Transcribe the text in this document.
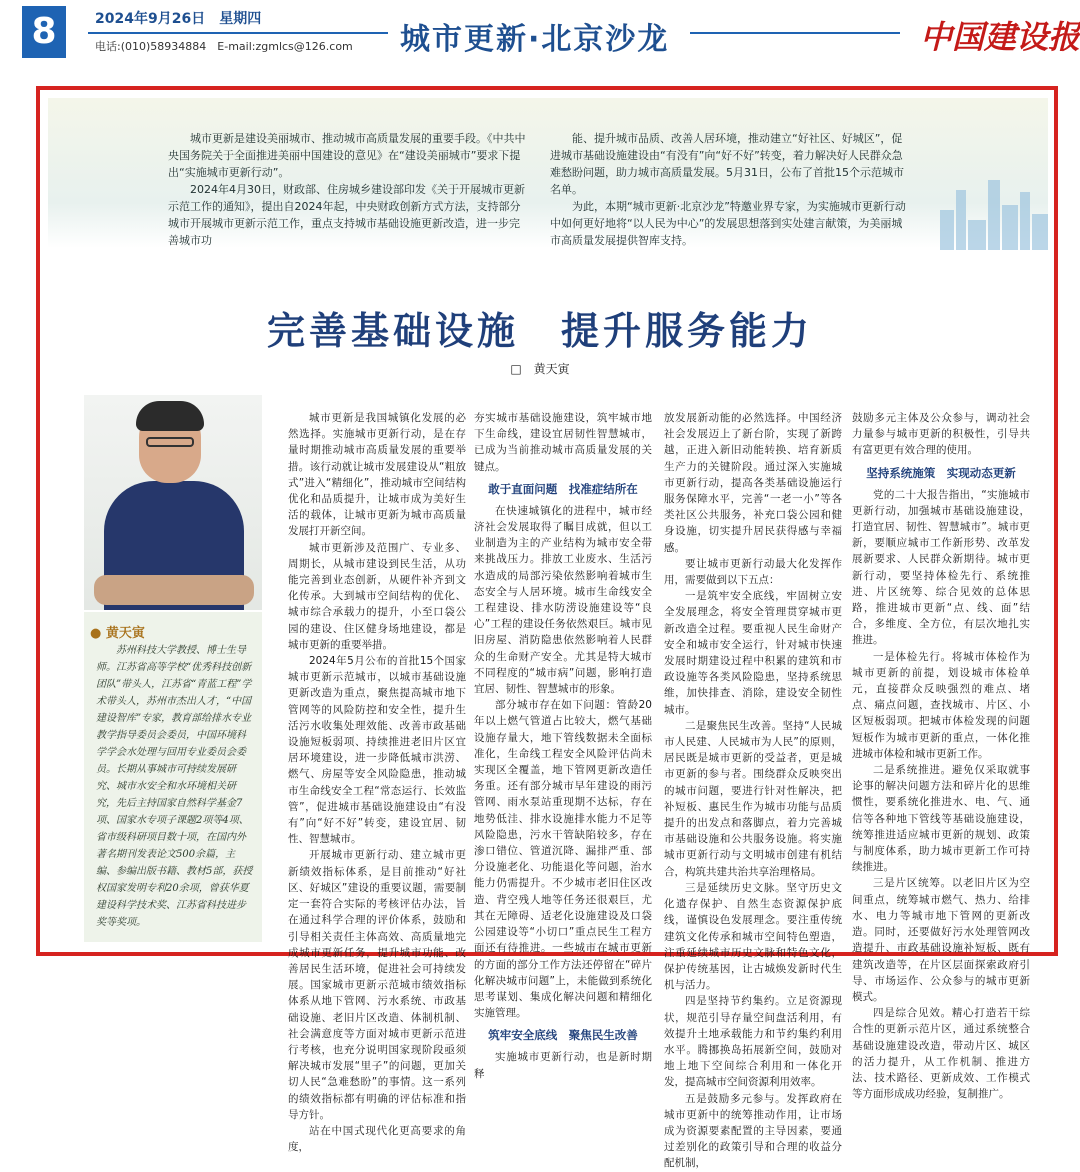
8	2024年9月26日　星期四
电话:(010)58934884　E-mail:zgmlcs@126.com 城市更新·北京沙龙	中国建设报

城市更新是建设美丽城市、推动城市高质量发展的重要手段。《中共中央国务院关于全面推进美丽中国建设的意见》在“建设美丽城市”要求下提出“实施城市更新行动”。

2024年4月30日，财政部、住房城乡建设部印发《关于开展城市更新示范工作的通知》，提出自2024年起，中央财政创新方式方法，支持部分城市开展城市更新示范工作，重点支持城市基础设施更新改造，进一步完善城市功

能、提升城市品质、改善人居环境，推动建立“好社区、好城区”，促进城市基础设施建设由“有没有”向“好不好”转变，着力解决好人民群众急难愁盼问题，助力城市高质量发展。5月31日，公布了首批15个示范城市名单。

为此，本期“城市更新·北京沙龙”特邀业界专家，为实施城市更新行动中如何更好地将“以人民为中心”的发展思想落到实处建言献策，为美丽城市高质量发展提供智库支持。

完善基础设施　提升服务能力
□　黄天寅
● 黄天寅
苏州科技大学教授、博士生导师。江苏省高等学校“优秀科技创新团队”带头人，江苏省“青蓝工程”学术带头人，苏州市杰出人才，“中国建设智库”专家，教育部给排水专业教学指导委员会委员，中国环境科学学会水处理与回用专业委员会委员。长期从事城市可持续发展研究、城市水安全和水环境相关研究，先后主持国家自然科学基金7项、国家水专项子课题2项等4项、省市级科研项目数十项，在国内外著名期刊发表论文500余篇，主编、参编出版书籍、教材5部，获授权国家发明专利20余项，曾获华夏建设科学技术奖、江苏省科技进步奖等奖项。

城市更新是我国城镇化发展的必然选择。实施城市更新行动，是在存量时期推动城市高质量发展的重要举措。该行动就让城市发展建设从“粗放式”进入“精细化”，推动城市空间结构优化和品质提升，让城市成为美好生活的载体，让城市更新为城市高质量发展打开新空间。

城市更新涉及范围广、专业多、周期长，从城市建设到民生活，从功能完善到业态创新，从硬件补齐到文化传承。大到城市空间结构的优化、城市综合承载力的提升，小至口袋公园的建设、住区健身场地建设，都是城市更新的重要举措。

2024年5月公布的首批15个国家城市更新示范城市，以城市基础设施更新改造为重点，聚焦提高城市地下管网等的风险防控和安全性，提升生活污水收集处理效能、改善市政基础设施短板弱项、持续推进老旧片区宜居环境建设，进一步降低城市洪涝、燃气、房屋等安全风险隐患，推动城市生命线安全工程“常态运行、长效监管”，促进城市基础设施建设由“有没有”向“好不好”转变，建设宜居、韧性、智慧城市。

开展城市更新行动、建立城市更新绩效指标体系，是目前推动“好社区、好城区”建设的重要议题，需要制定一套符合实际的考核评估办法，旨在通过科学合理的评价体系，鼓励和引导相关责任主体高效、高质量地完成城市更新任务，提升城市功能、改善居民生活环境，促进社会可持续发展。国家城市更新示范城市绩效指标体系从地下管网、污水系统、市政基础设施、老旧片区改造、体制机制、社会满意度等方面对城市更新示范进行考核，也充分说明国家现阶段亟须解决城市发展“里子”的问题，更加关切人民“急难愁盼”的事情。这一系列的绩效指标都有明确的评估标准和指导方针。

站在中国式现代化更高要求的角度，

夯实城市基础设施建设，筑牢城市地下生命线，建设宜居韧性智慧城市，已成为当前推动城市高质量发展的关键点。

敢于直面问题　找准症结所在

在快速城镇化的进程中，城市经济社会发展取得了瞩目成就，但以工业制造为主的产业结构为城市安全带来挑战压力。排放工业废水、生活污水造成的局部污染依然影响着城市生态安全与人居环境。城市生命线安全工程建设、排水防涝设施建设等“良心”工程的建设任务依然艰巨。城市见旧房屋、消防隐患依然影响着人民群众的生命财产安全。尤其是特大城市不同程度的“城市病”问题，影响打造宜居、韧性、智慧城市的形象。

部分城市存在如下问题：管龄20年以上燃气管道占比较大，燃气基础设施存量大，地下管线数据未全面标准化，生命线工程安全风险评估尚未实现区全覆盖，地下管网更新改造任务重。还有部分城市早年建设的雨污管网、雨水泵站重现期不达标，存在地势低洼、排水设施排水能力不足等风险隐患，污水干管缺陷较多，存在渗口错位、管道沉降、漏排严重、部分设施老化、功能退化等问题，治水能力仍需提升。不少城市老旧住区改造、背空残人地等任务还很艰巨，尤其在无障碍、适老化设施建设及口袋公园建设等“小切口”重点民生工程方面还有待推进。一些城市在城市更新的方面的部分工作方法还停留在“碎片化解决城市问题”上，未能做到系统化思考谋划、集成化解决问题和精细化实施管理。

筑牢安全底线　聚焦民生改善

实施城市更新行动，也是新时期释

放发展新动能的必然选择。中国经济社会发展迈上了新台阶，实现了新跨越，正进入新旧动能转换、培育新质生产力的关键阶段。通过深入实施城市更新行动，提高各类基础设施运行服务保障水平，完善“一老一小”等各类社区公共服务，补充口袋公园和健身设施，切实提升居民获得感与幸福感。

要让城市更新行动最大化发挥作用，需要做到以下五点：

一是筑牢安全底线，牢固树立安全发展理念，将安全管理贯穿城市更新改造全过程。要重视人民生命财产安全和城市安全运行，针对城市快速发展时期建设过程中积累的建筑和市政设施等各类风险隐患，坚持系统思维，加快排查、消除，建设安全韧性城市。

二是聚焦民生改善。坚持“人民城市人民建、人民城市为人民”的原则，居民既是城市更新的受益者，更是城市更新的参与者。围绕群众反映突出的城市问题，要进行针对性解决，把补短板、惠民生作为城市功能与品质提升的出发点和落脚点，着力完善城市基础设施和公共服务设施。将实施城市更新行动与文明城市创建有机结合，构筑共建共治共享治理格局。

三是延续历史文脉。坚守历史文化遗存保护、自然生态资源保护底线，谨慎设色发展理念。要注重传统建筑文化传承和城市空间特色塑造，注重延续城市历史文脉和特色文化，保护传统基因，让古城焕发新时代生机与活力。

四是坚持节约集约。立足资源现状，规范引导存量空间盘活利用，有效提升土地承载能力和节约集约利用水平。腾挪换岛拓展新空间，鼓励对地上地下空间综合利用和一体化开发，提高城市空间资源利用效率。

五是鼓励多元参与。发挥政府在城市更新中的统筹推动作用，让市场成为资源要素配置的主导因素，要通过差别化的政策引导和合理的收益分配机制，

鼓励多元主体及公众参与，调动社会力量参与城市更新的积极性，引导共有富更更有效合理的使用。

坚持系统施策　实现动态更新

党的二十大报告指出，“实施城市更新行动，加强城市基础设施建设，打造宜居、韧性、智慧城市”。城市更新，要顺应城市工作新形势、改革发展新要求、人民群众新期待。城市更新行动，要坚持体检先行、系统推进、片区统筹、综合见效的总体思路，推进城市更新“点、线、面”结合，多维度、全方位，有层次地扎实推进。

一是体检先行。将城市体检作为城市更新的前提，划设城市体检单元，直接群众反映强烈的难点、堵点、痛点问题，查找城市、片区、小区短板弱项。把城市体检发现的问题短板作为城市更新的重点，一体化推进城市体检和城市更新工作。

二是系统推进。避免仅采取就事论事的解决问题方法和碎片化的思维惯性，要系统化推进水、电、气、通信等各种地下管线等基础设施建设，统筹推进适应城市更新的规划、政策与制度体系，助力城市更新工作可持续推进。

三是片区统筹。以老旧片区为空间重点，统筹城市燃气、热力、给排水、电力等城市地下管网的更新改造。同时，还要做好污水处理管网改造提升、市政基础设施补短板、既有建筑改造等，在片区层面探索政府引导、市场运作、公众参与的城市更新模式。

四是综合见效。精心打造若干综合性的更新示范片区，通过系统整合基础设施建设改造，带动片区、城区的活力提升，从工作机制、推进方法、技术路径、更新成效、工作模式等方面形成成功经验，复制推广。
